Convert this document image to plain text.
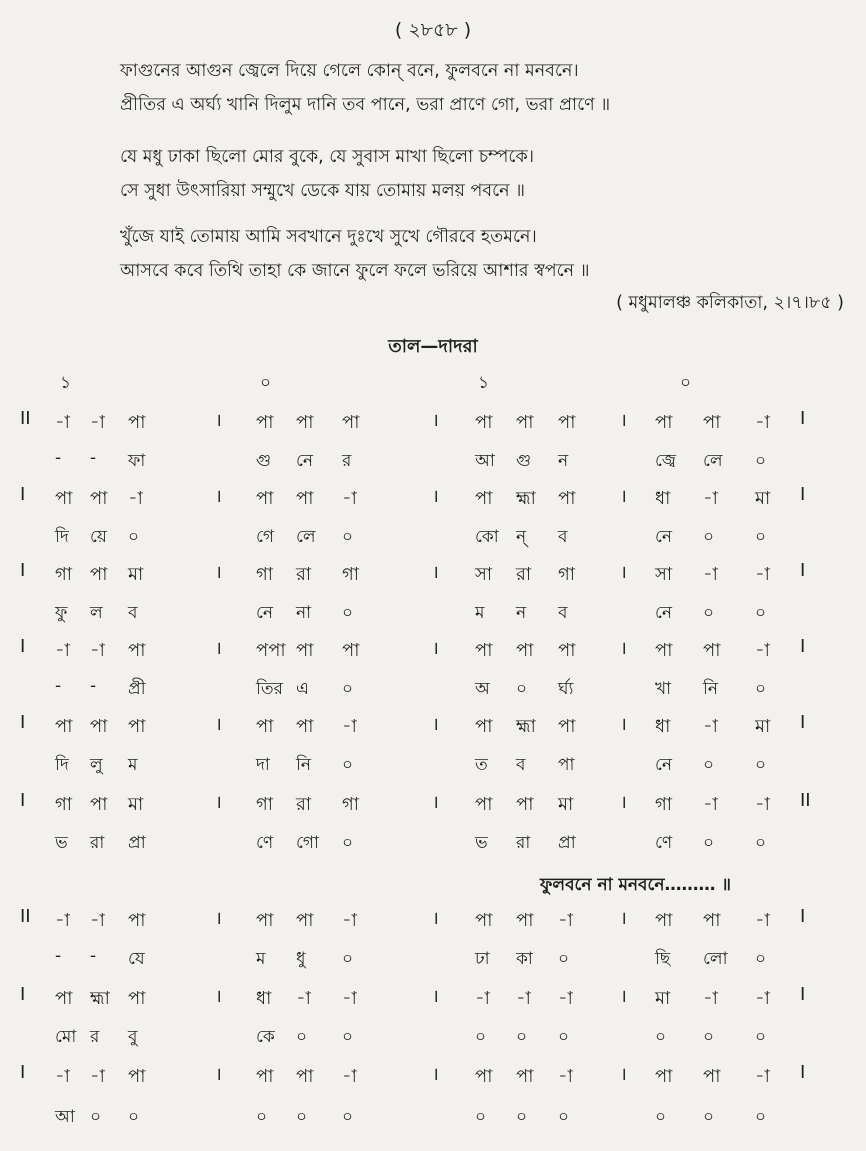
( ২৮৫৮ )
ফাগুনের আগুন জ্বেলে দিয়ে গেলে কোন্ বনে, ফুলবনে না মনবনে।
প্রীতির এ অর্ঘ্য খানি দিলুম দানি তব পানে, ভরা প্রাণে গো, ভরা প্রাণে ॥
যে মধু ঢাকা ছিলো মোর বুকে, যে সুবাস মাখা ছিলো চম্পকে।
সে সুধা উৎসারিয়া সম্মুখে ডেকে যায় তোমায় মলয় পবনে ॥
খুঁজে যাই তোমায় আমি সবখানে দুঃখে সুখে গৌরবে হতমনে।
আসবে কবে তিথি তাহা কে জানে ফুলে ফলে ভরিয়ে আশার স্বপনে ॥
( মধুমালঞ্চ কলিকাতা, ২।৭।৮৫ )
তাল—দাদরা
১	০	১	০
II	।	।	।	I
-া -া পা	পা পা পা	পা পা পা	পা পা -া
- - ফা	গু নে র	আ গু ন	জ্বে লে ০
I	।	।	।	I
পা পা -া	পা পা -া	পা হ্মা পা	ধা -া মা
দি য়ে ০	গে লে ০	কো ন্ ব	নে ০ ০
I	।	।	।	I
গা পা মা	গা রা গা	সা রা গা	সা -া -া
ফু ল ব	নে না ০	ম ন ব	নে ০ ০
I	।	।	।	I
-া -া পা	পপা পা পা	পা পা পা	পা পা -া
- - প্রী	তির এ ০	অ ০ র্ঘ্য	খা নি ০
I	।	।	।	I
পা পা পা	পা পা -া	পা হ্মা পা	ধা -া মা
দি লু ম	দা নি ০	ত ব পা	নে ০ ০
I	।	।	।	II
গা পা মা	গা রা গা	পা পা মা	গা -া -া
ভ রা প্রা	ণে গো ০	ভ রা প্রা	ণে ০ ০
II	।	।	।	I
-া -া পা	পা পা -া	পা পা -া	পা পা -া
- - যে	ম ধু ০	ঢা কা ০	ছি লো ০
I	।	।	।	I
পা হ্মা পা	ধা -া -া	-া -া -া	মা -া -া
মো র বু	কে ০ ০	০ ০ ০	০ ০ ০
I	।	।	।	I
-া -া পা	পা পা -া	পা পা -া	পা পা -া
আ ০ ০	০ ০ ০	০ ০ ০	০ ০ ০
ফুলবনে না মনবনে……… ॥
